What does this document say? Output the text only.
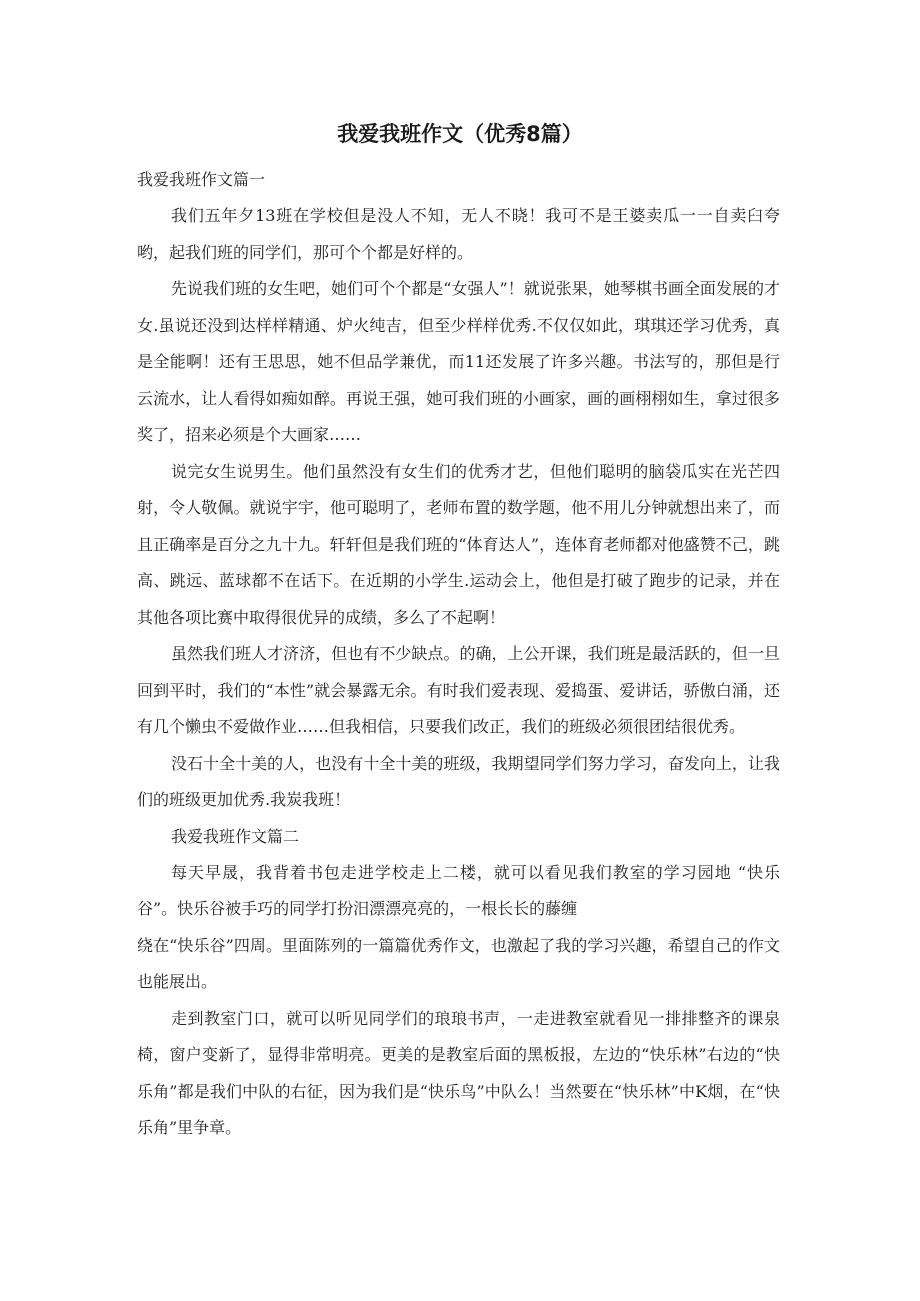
我爱我班作文（优秀8篇）

我爱我班作文篇一

我们五年夕13班在学校但是没人不知，无人不晓！我可不是王婆卖瓜一一自卖臼夸哟，起我们班的同学们，那可个个都是好样的。

先说我们班的女生吧，她们可个个都是“女强人”！就说张果，她琴棋书画全面发展的才女.虽说还没到达样样精通、炉火纯吉，但至少样样优秀.不仅仅如此，琪琪还学习优秀，真是全能啊！还有王思思，她不但品学兼优，而11还发展了许多兴趣。书法写的，那但是行云流水，让人看得如痴如醉。再说王强，她可我们班的小画家，画的画栩栩如生，拿过很多奖了，招来必须是个大画家……

说完女生说男生。他们虽然没有女生们的优秀才艺，但他们聪明的脑袋瓜实在光芒四射，令人敬佩。就说宇宇，他可聪明了，老师布置的数学题，他不用儿分钟就想出来了，而且正确率是百分之九十九。轩轩但是我们班的“体育达人”，连体育老师都对他盛赞不己，跳高、跳远、蓝球都不在话下。在近期的小学生.运动会上，他但是打破了跑步的记录，并在其他各项比赛中取得很优异的成绩，多么了不起啊！

虽然我们班人才济济，但也有不少缺点。的确，上公开课，我们班是最活跃的，但一旦回到平时，我们的“本性”就会暴露无余。有时我们爱表现、爱捣蛋、爱讲话，骄傲白涌，还有几个懒虫不爱做作业……但我相信，只要我们改正，我们的班级必须很团结很优秀。

没石十全十美的人，也没有十全十美的班级，我期望同学们努力学习，奋发向上，让我们的班级更加优秀.我炭我班！

我爱我班作文篇二

每天早晟，我背着书包走进学校走上二楼，就可以看见我们教室的学习园地 “快乐谷”。快乐谷被手巧的同学打扮汨漂漂亮亮的，一根长长的藤缠

绕在“快乐谷”四周。里面陈列的一篇篇优秀作文，也激起了我的学习兴趣，希望自己的作文也能展出。

走到教室门口，就可以听见同学们的琅琅书声，一走进教室就看见一排排整齐的课泉椅，窗户变新了，显得非常明亮。更美的是教室后面的黑板报，左边的“快乐林”右边的“快乐角”都是我们中队的右征，因为我们是“快乐鸟”中队么！当然要在“快乐林”中K烟，在“快乐角”里争章。
